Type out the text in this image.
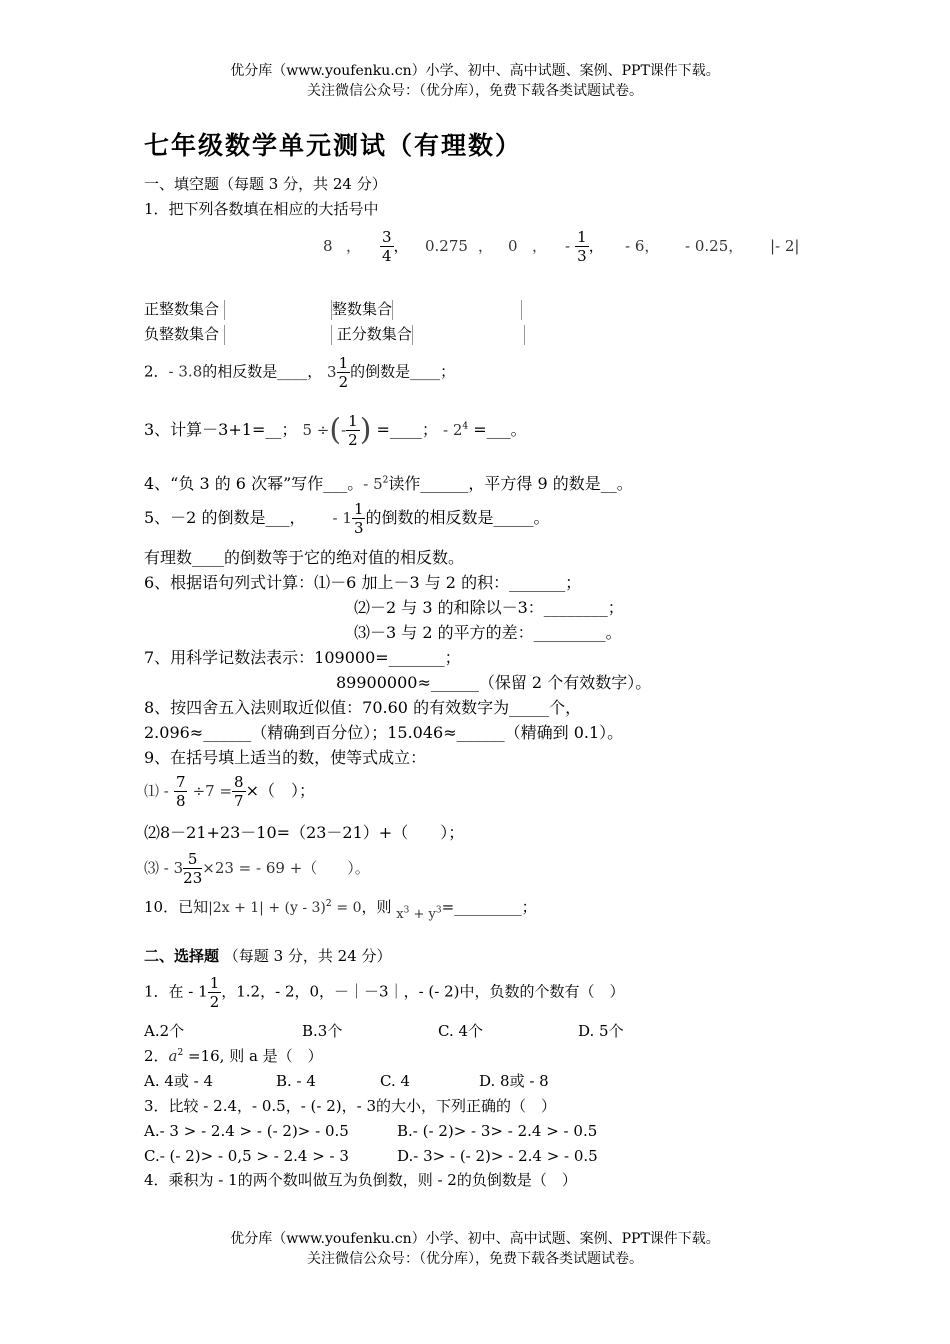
优分库（www.youfenku.cn）小学、初中、高中试题、案例、PPT课件下载。
关注微信公众号：（优分库），免费下载各类试题试卷。
七年级数学单元测试（有理数）
一、填空题（每题 3 分，共 24 分）
1．把下列各数填在相应的大括号中
8 ， $\frac{3}{4}$ ， 0.275 ， 0 ， - $\frac{1}{3}$ ， - 6， - 0.25， |- 2|
正整数集合	整数集合
负整数集合	正分数集合
2．- 3.8的相反数是____， $3 \frac{1}{2}$ 的倒数是____；
3、计算－3+1=__； 5 ÷(- $\frac{1}{2}$ ) =____； - $2^4$ =___。
4、“负 3 的 6 次幂”写作___。- $5^2$读作______，平方得 9 的数是__。
5、－2 的倒数是___， - $1 \frac{1}{3}$ 的倒数的相反数是_____。
有理数____的倒数等于它的绝对值的相反数。
6、根据语句列式计算：⑴－6 加上－3 与 2 的积：_______；
⑵－2 与 3 的和除以－3：________；
⑶－3 与 2 的平方的差：_________。
7、用科学记数法表示：109000=_______；
89900000≈______（保留 2 个有效数字）。
8、按四舍五入法则取近似值：70.60 的有效数字为_____个，
2.096≈______（精确到百分位）；15.046≈______（精确到 0.1）。
9、在括号填上适当的数，使等式成立：
⑴ - $\frac{7}{8} \div 7 = \frac{8}{7}$ ×（　）；
⑵8－21+23－10=（23－21）+（　　）；
⑶ - $3 \frac{5}{23} \times 23$ = - 69 +（　　）。
10．已知|2x + 1| + (y - 3)$^2$ = 0，则 $x^3$ + $y^3=\_\_\_\_\_\_\_\_\_$；
二、选择题 （每题 3 分，共 24 分）
1．在 - $1 \frac{1}{2}$ ，1.2，- 2，0，－｜－3｜，- (- 2)中，负数的个数有（　）
A.2个	B.3个	C. 4个	D. 5个
2．$a^2 =16$, 则 a 是（　）
A. 4或 - 4	B. - 4	C. 4	D. 8或 - 8
3．比较 - 2.4，- 0.5，- (- 2)，- 3的大小，下列正确的（　）
A.- 3 > - 2.4 > - (- 2)> - 0.5	B.- (- 2)> - 3> - 2.4 > - 0.5
C.- (- 2)> - 0,5 > - 2.4 > - 3	D.- 3> - (- 2)> - 2.4 > - 0.5
4．乘积为 - 1的两个数叫做互为负倒数，则 - 2的负倒数是（　）
优分库（www.youfenku.cn）小学、初中、高中试题、案例、PPT课件下载。
关注微信公众号：（优分库），免费下载各类试题试卷。
